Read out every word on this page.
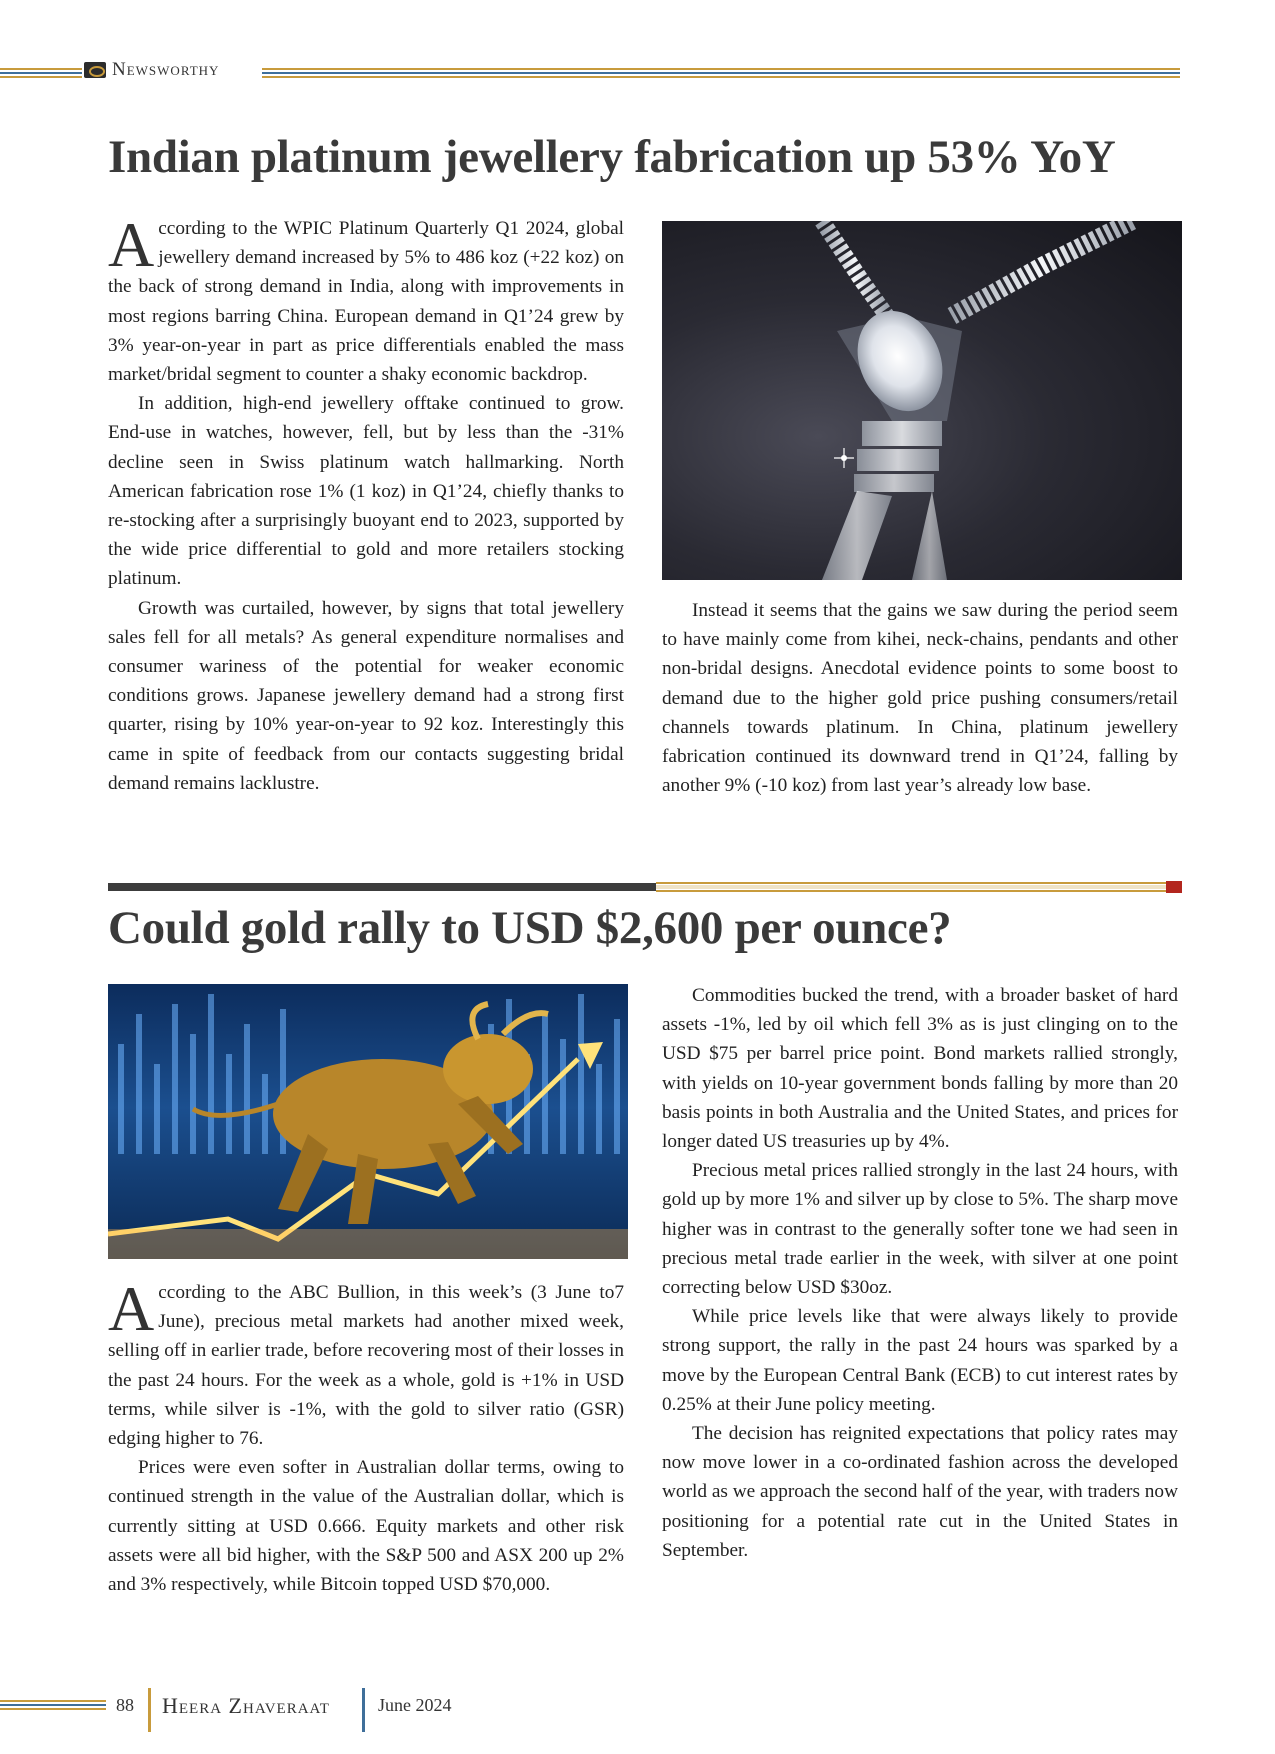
Newsworthy
Indian platinum jewellery fabrication up 53% YoY

According to the WPIC Platinum Quarterly Q1 2024, global jewellery demand increased by 5% to 486 koz (+22 koz) on the back of strong demand in India, along with improvements in most regions barring China. European demand in Q1’24 grew by 3% year-on-year in part as price differentials enabled the mass market/bridal segment to counter a shaky economic backdrop.

In addition, high-end jewellery offtake continued to grow. End-use in watches, however, fell, but by less than the -31% decline seen in Swiss platinum watch hallmarking. North American fabrication rose 1% (1 koz) in Q1’24, chiefly thanks to re-stocking after a surprisingly buoyant end to 2023, supported by the wide price differential to gold and more retailers stocking platinum.

Growth was curtailed, however, by signs that total jewellery sales fell for all metals? As general expenditure normalises and consumer wariness of the potential for weaker economic conditions grows. Japanese jewellery demand had a strong first quarter, rising by 10% year-on-year to 92 koz. Interestingly this came in spite of feedback from our contacts suggesting bridal demand remains lacklustre.

Instead it seems that the gains we saw during the period seem to have mainly come from kihei, neck-chains, pendants and other non-bridal designs. Anecdotal evidence points to some boost to demand due to the higher gold price pushing consumers/retail channels towards platinum. In China, platinum jewellery fabrication continued its downward trend in Q1’24, falling by another 9% (-10 koz) from last year’s already low base.

Could gold rally to USD $2,600 per ounce?

According to the ABC Bullion, in this week’s (3 June to7 June), precious metal markets had another mixed week, selling off in earlier trade, before recovering most of their losses in the past 24 hours. For the week as a whole, gold is +1% in USD terms, while silver is -1%, with the gold to silver ratio (GSR) edging higher to 76.

Prices were even softer in Australian dollar terms, owing to continued strength in the value of the Australian dollar, which is currently sitting at USD 0.666. Equity markets and other risk assets were all bid higher, with the S&P 500 and ASX 200 up 2% and 3% respectively, while Bitcoin topped USD $70,000.

Commodities bucked the trend, with a broader basket of hard assets -1%, led by oil which fell 3% as is just clinging on to the USD $75 per barrel price point. Bond markets rallied strongly, with yields on 10-year government bonds falling by more than 20 basis points in both Australia and the United States, and prices for longer dated US treasuries up by 4%.

Precious metal prices rallied strongly in the last 24 hours, with gold up by more 1% and silver up by close to 5%. The sharp move higher was in contrast to the generally softer tone we had seen in precious metal trade earlier in the week, with silver at one point correcting below USD $30oz.

While price levels like that were always likely to provide strong support, the rally in the past 24 hours was sparked by a move by the European Central Bank (ECB) to cut interest rates by 0.25% at their June policy meeting.

The decision has reignited expectations that policy rates may now move lower in a co-ordinated fashion across the developed world as we approach the second half of the year, with traders now positioning for a potential rate cut in the United States in September.

88 Heera Zhaveraat	June 2024
